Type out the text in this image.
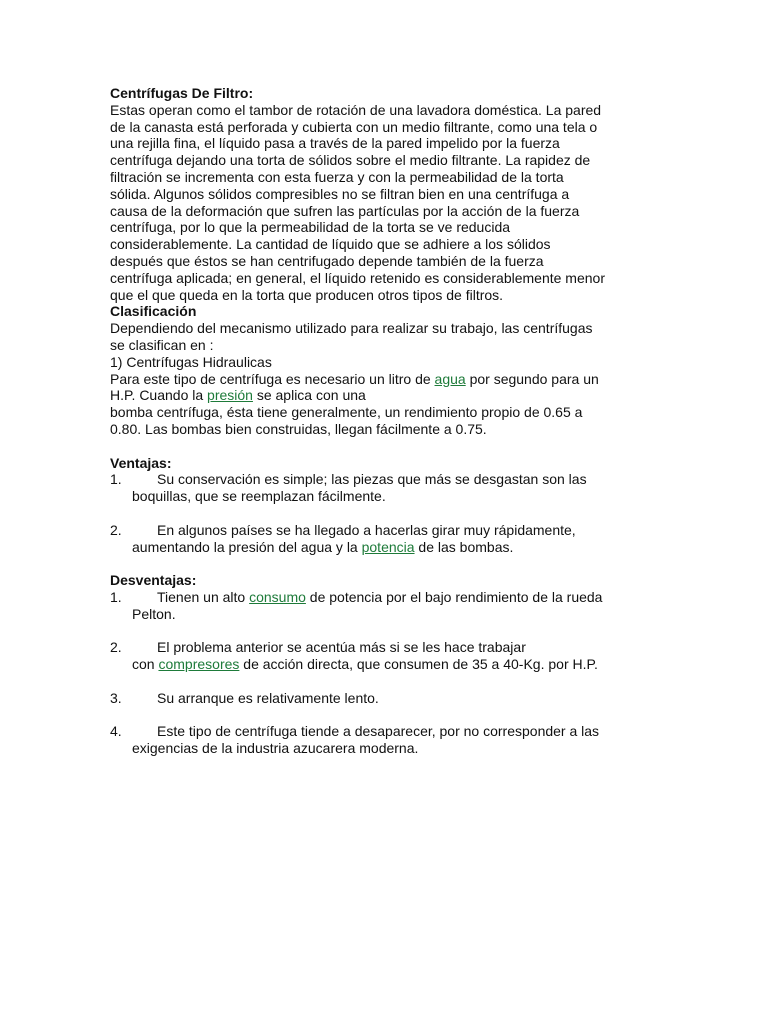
Centrífugas De Filtro:
Estas operan como el tambor de rotación de una lavadora doméstica. La pared
de la canasta está perforada y cubierta con un medio filtrante, como una tela o
una rejilla fina, el líquido pasa a través de la pared impelido por la fuerza
centrífuga dejando una torta de sólidos sobre el medio filtrante. La rapidez de
filtración se incrementa con esta fuerza y con la permeabilidad de la torta
sólida. Algunos sólidos compresibles no se filtran bien en una centrífuga a
causa de la deformación que sufren las partículas por la acción de la fuerza
centrífuga, por lo que la permeabilidad de la torta se ve reducida
considerablemente. La cantidad de líquido que se adhiere a los sólidos
después que éstos se han centrifugado depende también de la fuerza
centrífuga aplicada; en general, el líquido retenido es considerablemente menor
que el que queda en la torta que producen otros tipos de filtros.
Clasificación
Dependiendo del mecanismo utilizado para realizar su trabajo, las centrífugas
se clasifican en :
1) Centrífugas Hidraulicas
Para este tipo de centrífuga es necesario un litro de agua por segundo para un
H.P. Cuando la presión se aplica con una
bomba centrífuga, ésta tiene generalmente, un rendimiento propio de 0.65 a
0.80. Las bombas bien construidas, llegan fácilmente a 0.75.
Ventajas:
1.	Su conservación es simple; las piezas que más se desgastan son las
boquillas, que se reemplazan fácilmente.
2.	En algunos países se ha llegado a hacerlas girar muy rápidamente,
aumentando la presión del agua y la potencia de las bombas.
Desventajas:
1.	Tienen un alto consumo de potencia por el bajo rendimiento de la rueda
Pelton.
2.	El problema anterior se acentúa más si se les hace trabajar
con compresores de acción directa, que consumen de 35 a 40-Kg. por H.P.
3.	Su arranque es relativamente lento.
4.	Este tipo de centrífuga tiende a desaparecer, por no corresponder a las
exigencias de la industria azucarera moderna.
